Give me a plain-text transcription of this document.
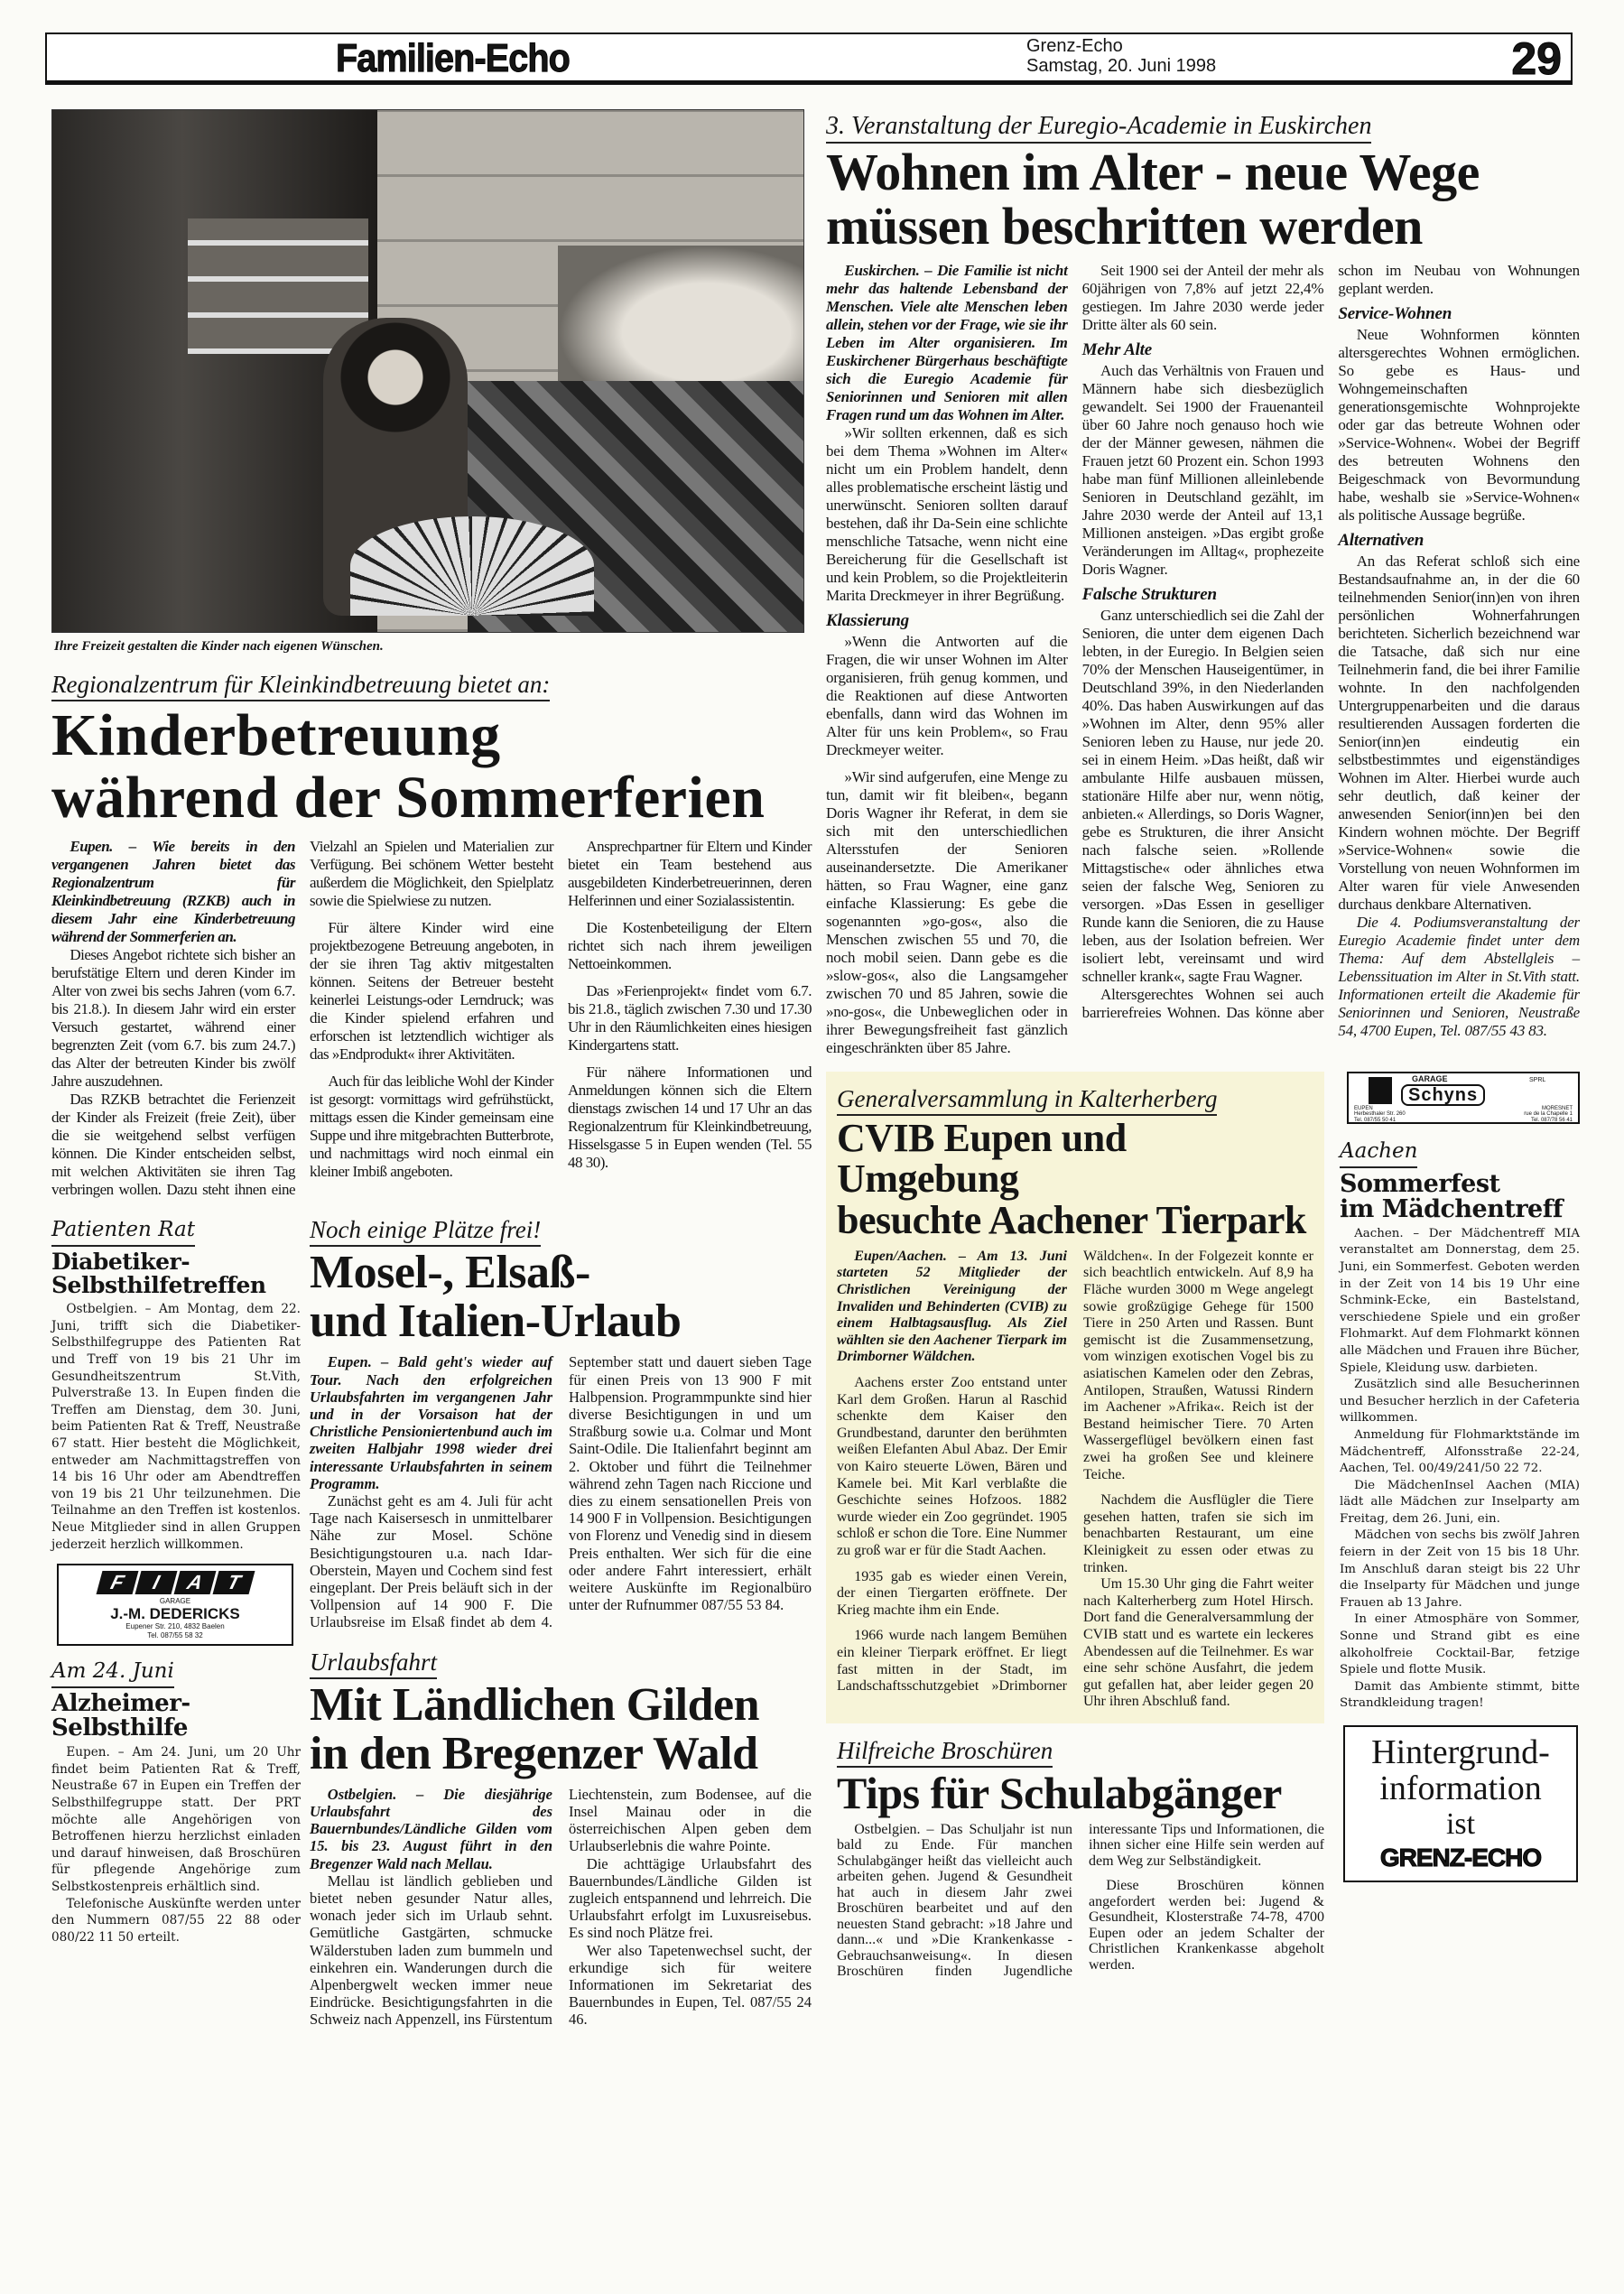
Familien-Echo	Grenz-Echo
Samstag, 20. Juni 1998	29
Ihre Freizeit gestalten die Kinder nach eigenen Wünschen.
Regionalzentrum für Kleinkindbetreuung bietet an:
Kinderbetreuung
während der Sommerferien

Eupen. – Wie bereits in den vergangenen Jahren bietet das Regionalzentrum für Kleinkindbetreuung (RZKB) auch in diesem Jahr eine Kinderbetreuung während der Sommerferien an.

Dieses Angebot richtete sich bisher an berufstätige Eltern und deren Kinder im Alter von zwei bis sechs Jahren (vom 6.7. bis 21.8.). In diesem Jahr wird ein erster Versuch gestartet, während einer begrenzten Zeit (vom 6.7. bis zum 24.7.) das Alter der betreuten Kinder bis zwölf Jahre auszudehnen.

Das RZKB betrachtet die Ferienzeit der Kinder als Freizeit (freie Zeit), über die sie weitgehend selbst verfügen können. Die Kinder entscheiden selbst, mit welchen Aktivitäten sie ihren Tag verbringen wollen. Dazu steht ihnen eine Vielzahl an Spielen und Materialien zur Verfügung. Bei schönem Wetter besteht außerdem die Möglichkeit, den Spielplatz sowie die Spielwiese zu nutzen.

Für ältere Kinder wird eine projektbezogene Betreuung angeboten, in der sie ihren Tag aktiv mitgestalten können. Seitens der Betreuer besteht keinerlei Leistungs-oder Lerndruck; was die Kinder spielend erfahren und erforschen ist letztendlich wichtiger als das »Endprodukt« ihrer Aktivitäten.

Auch für das leibliche Wohl der Kinder ist gesorgt: vormittags wird gefrühstückt, mittags essen die Kinder gemeinsam eine Suppe und ihre mitgebrachten Butterbrote, und nachmittags wird noch einmal ein kleiner Imbiß angeboten.

Ansprechpartner für Eltern und Kinder bietet ein Team bestehend aus ausgebildeten Kinderbetreuerinnen, deren Helferinnen und einer Sozialassistentin.

Die Kostenbeteiligung der Eltern richtet sich nach ihrem jeweiligen Nettoeinkommen.

Das »Ferienprojekt« findet vom 6.7. bis 21.8., täglich zwischen 7.30 und 17.30 Uhr in den Räumlichkeiten eines hiesigen Kindergartens statt.

Für nähere Informationen und Anmeldungen können sich die Eltern dienstags zwischen 14 und 17 Uhr an das Regionalzentrum für Kleinkindbetreuung, Hisselsgasse 5 in Eupen wenden (Tel. 55 48 30).

Patienten Rat
Diabetiker-
Selbsthilfetreffen

Ostbelgien. – Am Montag, dem 22. Juni, trifft sich die Diabetiker-Selbsthilfegruppe des Patienten Rat und Treff von 19 bis 21 Uhr im Gesundheitszentrum St.Vith, Pulverstraße 13. In Eupen finden die Treffen am Dienstag, dem 30. Juni, beim Patienten Rat & Treff, Neustraße 67 statt. Hier besteht die Möglichkeit, entweder am Nachmittagstreffen von 14 bis 16 Uhr oder am Abendtreffen von 19 bis 21 Uhr teilzunehmen. Die Teilnahme an den Treffen ist kostenlos. Neue Mitglieder sind in allen Gruppen jederzeit herzlich willkommen.

F	I	A T
GARAGE
J.-M. DEDERICKS
Eupener Str. 210, 4832 Baelen
Tel. 087/55 58 32
Am 24. Juni
Alzheimer-
Selbsthilfe

Eupen. – Am 24. Juni, um 20 Uhr findet beim Patienten Rat & Treff, Neustraße 67 in Eupen ein Treffen der Selbsthilfegruppe statt. Der PRT möchte alle Angehörigen von Betroffenen hierzu herzlichst einladen und darauf hinweisen, daß Broschüren für pflegende Angehörige zum Selbstkostenpreis erhältlich sind.

Telefonische Auskünfte werden unter den Nummern 087/55 22 88 oder 080/22 11 50 erteilt.

Noch einige Plätze frei!
Mosel-, Elsaß-
und Italien-Urlaub

Eupen. – Bald geht's wieder auf Tour. Nach den erfolgreichen Urlaubsfahrten im vergangenen Jahr und in der Vorsaison hat der Christliche Pensioniertenbund auch im zweiten Halbjahr 1998 wieder drei interessante Urlaubsfahrten in seinem Programm.

Zunächst geht es am 4. Juli für acht Tage nach Kaisersesch in unmittelbarer Nähe zur Mosel. Schöne Besichtigungstouren u.a. nach Idar-Oberstein, Mayen und Cochem sind fest eingeplant. Der Preis beläuft sich in der Vollpension auf 14 900 F. Die Urlaubsreise im Elsaß findet ab dem 4. September statt und dauert sieben Tage für einen Preis von 13 900 F mit Halbpension. Programmpunkte sind hier diverse Besichtigungen in und um Straßburg sowie u.a. Colmar und Mont Saint-Odile. Die Italienfahrt beginnt am 2. Oktober und führt die Teilnehmer während zehn Tagen nach Riccione und dies zu einem sensationellen Preis von 14 900 F in Vollpension. Besichtigungen von Florenz und Venedig sind in diesem Preis enthalten. Wer sich für die eine oder andere Fahrt interessiert, erhält weitere Auskünfte im Regionalbüro unter der Rufnummer 087/55 53 84.

Urlaubsfahrt
Mit Ländlichen Gilden
in den Bregenzer Wald

Ostbelgien. – Die diesjährige Urlaubsfahrt des Bauernbundes/Ländliche Gilden vom 15. bis 23. August führt in den Bregenzer Wald nach Mellau.

Mellau ist ländlich geblieben und bietet neben gesunder Natur alles, wonach jeder sich im Urlaub sehnt. Gemütliche Gastgärten, schmucke Wälderstuben laden zum bummeln und einkehren ein. Wanderungen durch die Alpenbergwelt wecken immer neue Eindrücke. Besichtigungsfahrten in die Schweiz nach Appenzell, ins Fürstentum Liechtenstein, zum Bodensee, auf die Insel Mainau oder in die österreichischen Alpen geben dem Urlaubserlebnis die wahre Pointe.

Die achttägige Urlaubsfahrt des Bauernbundes/Ländliche Gilden ist zugleich entspannend und lehrreich. Die Urlaubsfahrt erfolgt im Luxusreisebus. Es sind noch Plätze frei.

Wer also Tapetenwechsel sucht, der erkundige sich für weitere Informationen im Sekretariat des Bauernbundes in Eupen, Tel. 087/55 24 46.

3. Veranstaltung der Euregio-Academie in Euskirchen
Wohnen im Alter - neue Wege
müssen beschritten werden

Euskirchen. – Die Familie ist nicht mehr das haltende Lebensband der Menschen. Viele alte Menschen leben allein, stehen vor der Frage, wie sie ihr Leben im Alter organisieren. Im Euskirchener Bürgerhaus beschäftigte sich die Euregio Academie für Seniorinnen und Senioren mit allen Fragen rund um das Wohnen im Alter.

»Wir sollten erkennen, daß es sich bei dem Thema »Wohnen im Alter« nicht um ein Problem handelt, denn alles problematische erscheint lästig und unerwünscht. Senioren sollten darauf bestehen, daß ihr Da-Sein eine schlichte menschliche Tatsache, wenn nicht eine Bereicherung für die Gesellschaft ist und kein Problem, so die Projektleiterin Marita Dreckmeyer in ihrer Begrüßung.

Klassierung

»Wenn die Antworten auf die Fragen, die wir unser Wohnen im Alter organisieren, früh genug kommen, und die Reaktionen auf diese Antworten ebenfalls, dann wird das Wohnen im Alter für uns kein Problem«, so Frau Dreckmeyer weiter.

»Wir sind aufgerufen, eine Menge zu tun, damit wir fit bleiben«, begann Doris Wagner ihr Referat, in dem sie sich mit den unterschiedlichen Altersstufen der Senioren auseinandersetzte. Die Amerikaner hätten, so Frau Wagner, eine ganz einfache Klassierung: Es gebe die sogenannten »go-gos«, also die Menschen zwischen 55 und 70, die noch mobil seien. Dann gebe es die »slow-gos«, also die Langsamgeher zwischen 70 und 85 Jahren, sowie die »no-gos«, die Unbeweglichen oder in ihrer Bewegungsfreiheit fast gänzlich eingeschränkten über 85 Jahre.

Seit 1900 sei der Anteil der mehr als 60jährigen von 7,8% auf jetzt 22,4% gestiegen. Im Jahre 2030 werde jeder Dritte älter als 60 sein.

Mehr Alte

Auch das Verhältnis von Frauen und Männern habe sich diesbezüglich gewandelt. Sei 1900 der Frauenanteil über 60 Jahre noch genauso hoch wie der der Männer gewesen, nähmen die Frauen jetzt 60 Prozent ein. Schon 1993 habe man fünf Millionen alleinlebende Senioren in Deutschland gezählt, im Jahre 2030 werde der Anteil auf 13,1 Millionen ansteigen. »Das ergibt große Veränderungen im Alltag«, prophezeite Doris Wagner.

Falsche Strukturen

Ganz unterschiedlich sei die Zahl der Senioren, die unter dem eigenen Dach lebten, in der Euregio. In Belgien seien 70% der Menschen Hauseigentümer, in Deutschland 39%, in den Niederlanden 40%. Das haben Auswirkungen auf das »Wohnen im Alter, denn 95% aller Senioren leben zu Hause, nur jede 20. sei in einem Heim. »Das heißt, daß wir ambulante Hilfe ausbauen müssen, stationäre Hilfe aber nur, wenn nötig, anbieten.« Allerdings, so Doris Wagner, gebe es Strukturen, die ihrer Ansicht nach falsche seien. »Rollende Mittagstische« oder ähnliches etwa seien der falsche Weg, Senioren zu versorgen. »Das Essen in geselliger Runde kann die Senioren, die zu Hause leben, aus der Isolation befreien. Wer isoliert lebt, vereinsamt und wird schneller krank«, sagte Frau Wagner.

Altersgerechtes Wohnen sei auch barrierefreies Wohnen. Das könne aber schon im Neubau von Wohnungen geplant werden.

Service-Wohnen

Neue Wohnformen könnten altersgerechtes Wohnen ermöglichen. So gebe es Haus- und Wohngemeinschaften generationsgemischte Wohnprojekte oder gar das betreute Wohnen oder »Service-Wohnen«. Wobei der Begriff des betreuten Wohnens den Beigeschmack von Bevormundung habe, weshalb sie »Service-Wohnen« als politische Aussage begrüße.

Alternativen

An das Referat schloß sich eine Bestandsaufnahme an, in der die 60 teilnehmenden Senior(inn)en von ihren persönlichen Wohnerfahrungen berichteten. Sicherlich bezeichnend war die Tatsache, daß sich nur eine Teilnehmerin fand, die bei ihrer Familie wohnte. In den nachfolgenden Untergruppenarbeiten und die daraus resultierenden Aussagen forderten die Senior(inn)en eindeutig ein selbstbestimmtes und eigenständiges Wohnen im Alter. Hierbei wurde auch sehr deutlich, daß keiner der anwesenden Senior(inn)en bei den Kindern wohnen möchte. Der Begriff »Service-Wohnen« sowie die Vorstellung von neuen Wohnformen im Alter waren für viele Anwesenden durchaus denkbare Alternativen.

Die 4. Podiumsveranstaltung der Euregio Academie findet unter dem Thema: Auf dem Abstellgleis – Lebenssituation im Alter in St.Vith statt. Informationen erteilt die Akademie für Seniorinnen und Senioren, Neustraße 54, 4700 Eupen, Tel. 087/55 43 83.

Generalversammlung in Kalterherberg
CVIB Eupen und Umgebung
besuchte Aachener Tierpark

Eupen/Aachen. – Am 13. Juni starteten 52 Mitglieder der Christlichen Vereinigung der Invaliden und Behinderten (CVIB) zu einem Halbtagsausflug. Als Ziel wählten sie den Aachener Tierpark im Drimborner Wäldchen.

Aachens erster Zoo entstand unter Karl dem Großen. Harun al Raschid schenkte dem Kaiser den Grundbestand, darunter den berühmten weißen Elefanten Abul Abaz. Der Emir von Kairo steuerte Löwen, Bären und Kamele bei. Mit Karl verblaßte die Geschichte seines Hofzoos. 1882 wurde wieder ein Zoo gegründet. 1905 schloß er schon die Tore. Eine Nummer zu groß war er für die Stadt Aachen.

1935 gab es wieder einen Verein, der einen Tiergarten eröffnete. Der Krieg machte ihm ein Ende.

1966 wurde nach langem Bemühen ein kleiner Tierpark eröffnet. Er liegt fast mitten in der Stadt, im Landschaftsschutzgebiet »Drimborner Wäldchen«. In der Folgezeit konnte er sich beachtlich entwickeln. Auf 8,9 ha Fläche wurden 3000 m Wege angelegt sowie großzügige Gehege für 1500 Tiere in 250 Arten und Rassen. Bunt gemischt ist die Zusammensetzung, vom winzigen exotischen Vogel bis zu asiatischen Kamelen oder den Zebras, Antilopen, Straußen, Watussi Rindern im Aachener »Afrika«. Reich ist der Bestand heimischer Tiere. 70 Arten Wassergeflügel bevölkern einen fast zwei ha großen See und kleinere Teiche.

Nachdem die Ausflügler die Tiere gesehen hatten, trafen sie sich im benachbarten Restaurant, um eine Kleinigkeit zu essen oder etwas zu trinken.

Um 15.30 Uhr ging die Fahrt weiter nach Kalterherberg zum Hotel Hirsch. Dort fand die Generalversammlung der CVIB statt und es wartete ein leckeres Abendessen auf die Teilnehmer. Es war eine sehr schöne Ausfahrt, die jedem gut gefallen hat, aber leider gegen 20 Uhr ihren Abschluß fand.

Hilfreiche Broschüren
Tips für Schulabgänger

Ostbelgien. – Das Schuljahr ist nun bald zu Ende. Für manchen Schulabgänger heißt das vielleicht auch arbeiten gehen. Jugend & Gesundheit hat auch in diesem Jahr zwei Broschüren bearbeitet und auf den neuesten Stand gebracht: »18 Jahre und dann...« und »Die Krankenkasse - Gebrauchsanweisung«. In diesen Broschüren finden Jugendliche interessante Tips und Informationen, die ihnen sicher eine Hilfe sein werden auf dem Weg zur Selbständigkeit.

Diese Broschüren können angefordert werden bei: Jugend & Gesundheit, Klosterstraße 74-78, 4700 Eupen oder an jedem Schalter der Christlichen Krankenkasse abgeholt werden.

GARAGE
Schyns
SPRL
EUPEN
Herbesthaler Str. 260
Tel. 087/55 50 41
MORESNET
rue de la Chapelle 1
Tel. 087/78 56 41
Aachen
Sommerfest
im Mädchentreff

Aachen. – Der Mädchentreff MIA veranstaltet am Donnerstag, dem 25. Juni, ein Sommerfest. Geboten werden in der Zeit von 14 bis 19 Uhr eine Schmink-Ecke, ein Bastelstand, verschiedene Spiele und ein großer Flohmarkt. Auf dem Flohmarkt können alle Mädchen und Frauen ihre Bücher, Spiele, Kleidung usw. darbieten.

Zusätzlich sind alle Besucherinnen und Besucher herzlich in der Cafeteria willkommen.

Anmeldung für Flohmarktstände im Mädchentreff, Alfonsstraße 22-24, Aachen, Tel. 00/49/241/50 22 72.

Die MädchenInsel Aachen (MIA) lädt alle Mädchen zur Inselparty am Freitag, dem 26. Juni, ein.

Mädchen von sechs bis zwölf Jahren feiern in der Zeit von 15 bis 18 Uhr. Im Anschluß daran steigt bis 22 Uhr die Inselparty für Mädchen und junge Frauen ab 13 Jahre.

In einer Atmosphäre von Sommer, Sonne und Strand gibt es eine alkoholfreie Cocktail-Bar, fetzige Spiele und flotte Musik.

Damit das Ambiente stimmt, bitte Strandkleidung tragen!

Hintergrund-
information
ist
GRENZ-ECHO
